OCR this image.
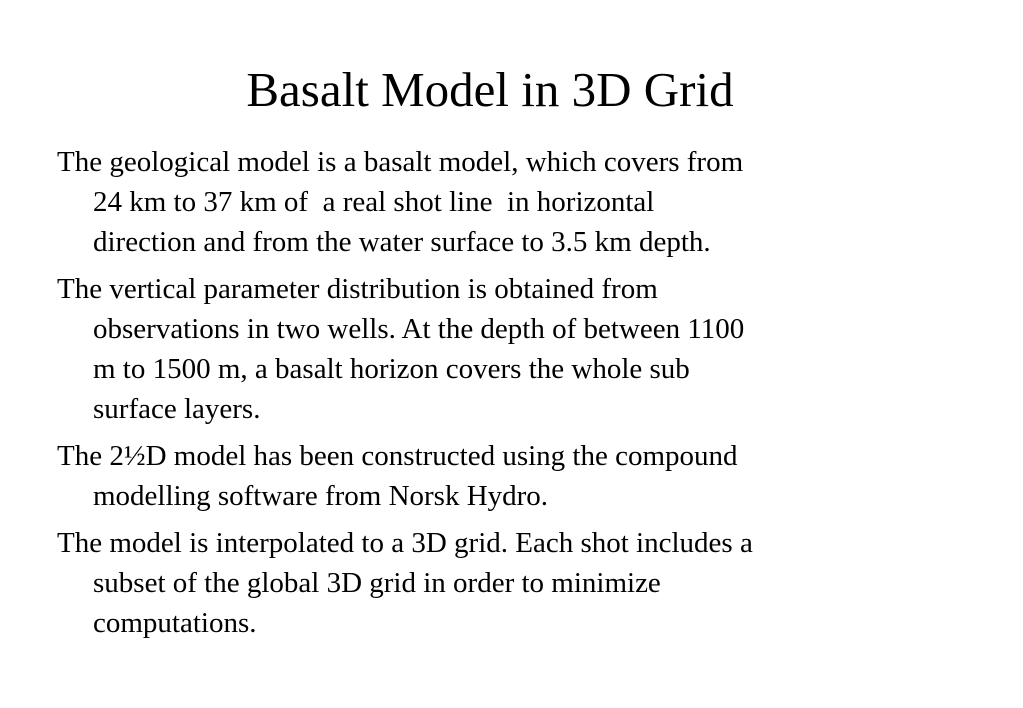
Basalt Model in 3D Grid
The geological model is a basalt model, which covers from
24 km to 37 km of  a real shot line  in horizontal
direction and from the water surface to 3.5 km depth.
The vertical parameter distribution is obtained from
observations in two wells. At the depth of between 1100
m to 1500 m, a basalt horizon covers the whole sub
surface layers.
The 2½D model has been constructed using the compound
modelling software from Norsk Hydro.
The model is interpolated to a 3D grid. Each shot includes a
subset of the global 3D grid in order to minimize
computations.
